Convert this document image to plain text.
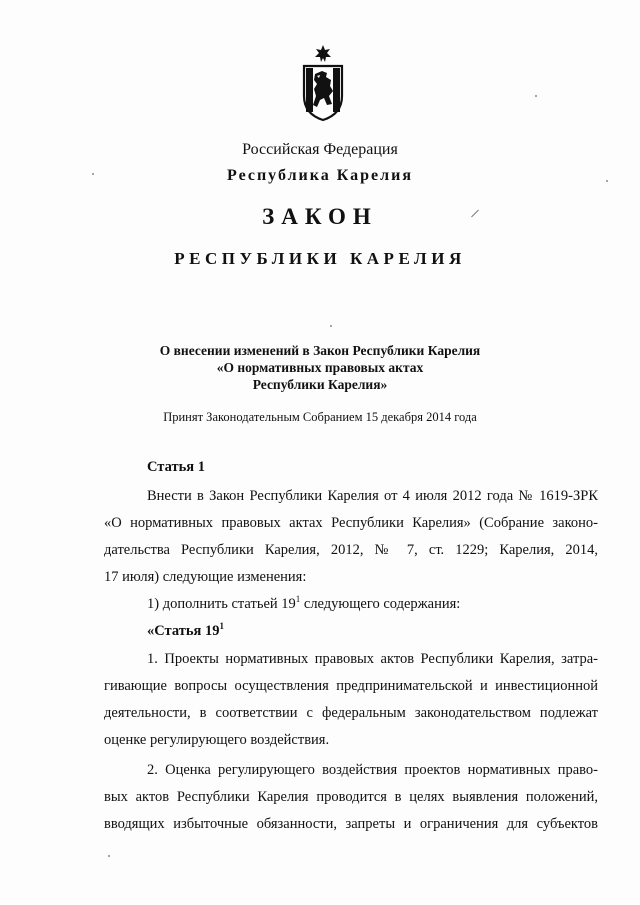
Российская Федерация
Республика Карелия
ЗАКОН
РЕСПУБЛИКИ КАРЕЛИЯ
О внесении изменений в Закон Республики Карелия
«О нормативных правовых актах
Республики Карелия»
Принят Законодательным Собранием 15 декабря 2014 года
Статья 1
Внести в Закон Республики Карелия от 4 июля 2012 года № 1619-ЗРК
«О нормативных правовых актах Республики Карелия» (Собрание законо-
дательства Республики Карелия, 2012, № 7, ст. 1229; Карелия, 2014,
17 июля) следующие изменения:
1) дополнить статьей $19^1$ следующего содержания:
«Статья $19^1$
1. Проекты нормативных правовых актов Республики Карелия, затра-
гивающие вопросы осуществления предпринимательской и инвестиционной
деятельности, в соответствии с федеральным законодательством подлежат
оценке регулирующего воздействия.
2. Оценка регулирующего воздействия проектов нормативных право-
вых актов Республики Карелия проводится в целях выявления положений,
вводящих избыточные обязанности, запреты и ограничения для субъектов
